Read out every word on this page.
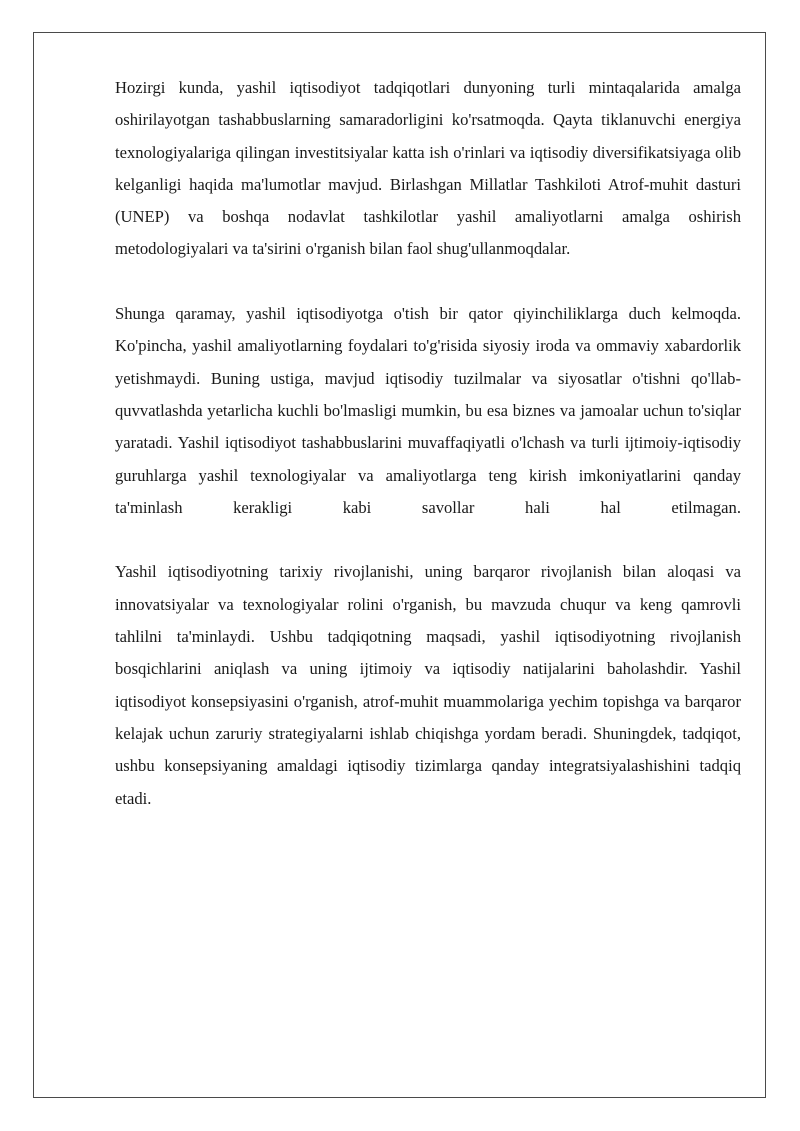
Hozirgi kunda, yashil iqtisodiyot tadqiqotlari dunyoning turli mintaqalarida amalga oshirilayotgan tashabbuslarning samaradorligini ko'rsatmoqda. Qayta tiklanuvchi energiya texnologiyalariga qilingan investitsiyalar katta ish o'rinlari va iqtisodiy diversifikatsiyaga olib kelganligi haqida ma'lumotlar mavjud. Birlashgan Millatlar Tashkiloti Atrof-muhit dasturi (UNEP) va boshqa nodavlat tashkilotlar yashil amaliyotlarni amalga oshirish metodologiyalari va ta'sirini o'rganish bilan faol shug'ullanmoqdalar.

Shunga qaramay, yashil iqtisodiyotga o'tish bir qator qiyinchiliklarga duch kelmoqda. Ko'pincha, yashil amaliyotlarning foydalari to'g'risida siyosiy iroda va ommaviy xabardorlik yetishmaydi. Buning ustiga, mavjud iqtisodiy tuzilmalar va siyosatlar o'tishni qo'llab-quvvatlashda yetarlicha kuchli bo'lmasligi mumkin, bu esa biznes va jamoalar uchun to'siqlar yaratadi. Yashil iqtisodiyot tashabbuslarini muvaffaqiyatli o'lchash va turli ijtimoiy-iqtisodiy guruhlarga yashil texnologiyalar va amaliyotlarga teng kirish imkoniyatlarini qanday ta'minlash kerakligi kabi savollar hali hal etilmagan.

Yashil iqtisodiyotning tarixiy rivojlanishi, uning barqaror rivojlanish bilan aloqasi va innovatsiyalar va texnologiyalar rolini o'rganish, bu mavzuda chuqur va keng qamrovli tahlilni ta'minlaydi. Ushbu tadqiqotning maqsadi, yashil iqtisodiyotning rivojlanish bosqichlarini aniqlash va uning ijtimoiy va iqtisodiy natijalarini baholashdir. Yashil iqtisodiyot konsepsiyasini o'rganish, atrof-muhit muammolariga yechim topishga va barqaror kelajak uchun zaruriy strategiyalarni ishlab chiqishga yordam beradi. Shuningdek, tadqiqot, ushbu konsepsiyaning amaldagi iqtisodiy tizimlarga qanday integratsiyalashishini tadqiq etadi.
